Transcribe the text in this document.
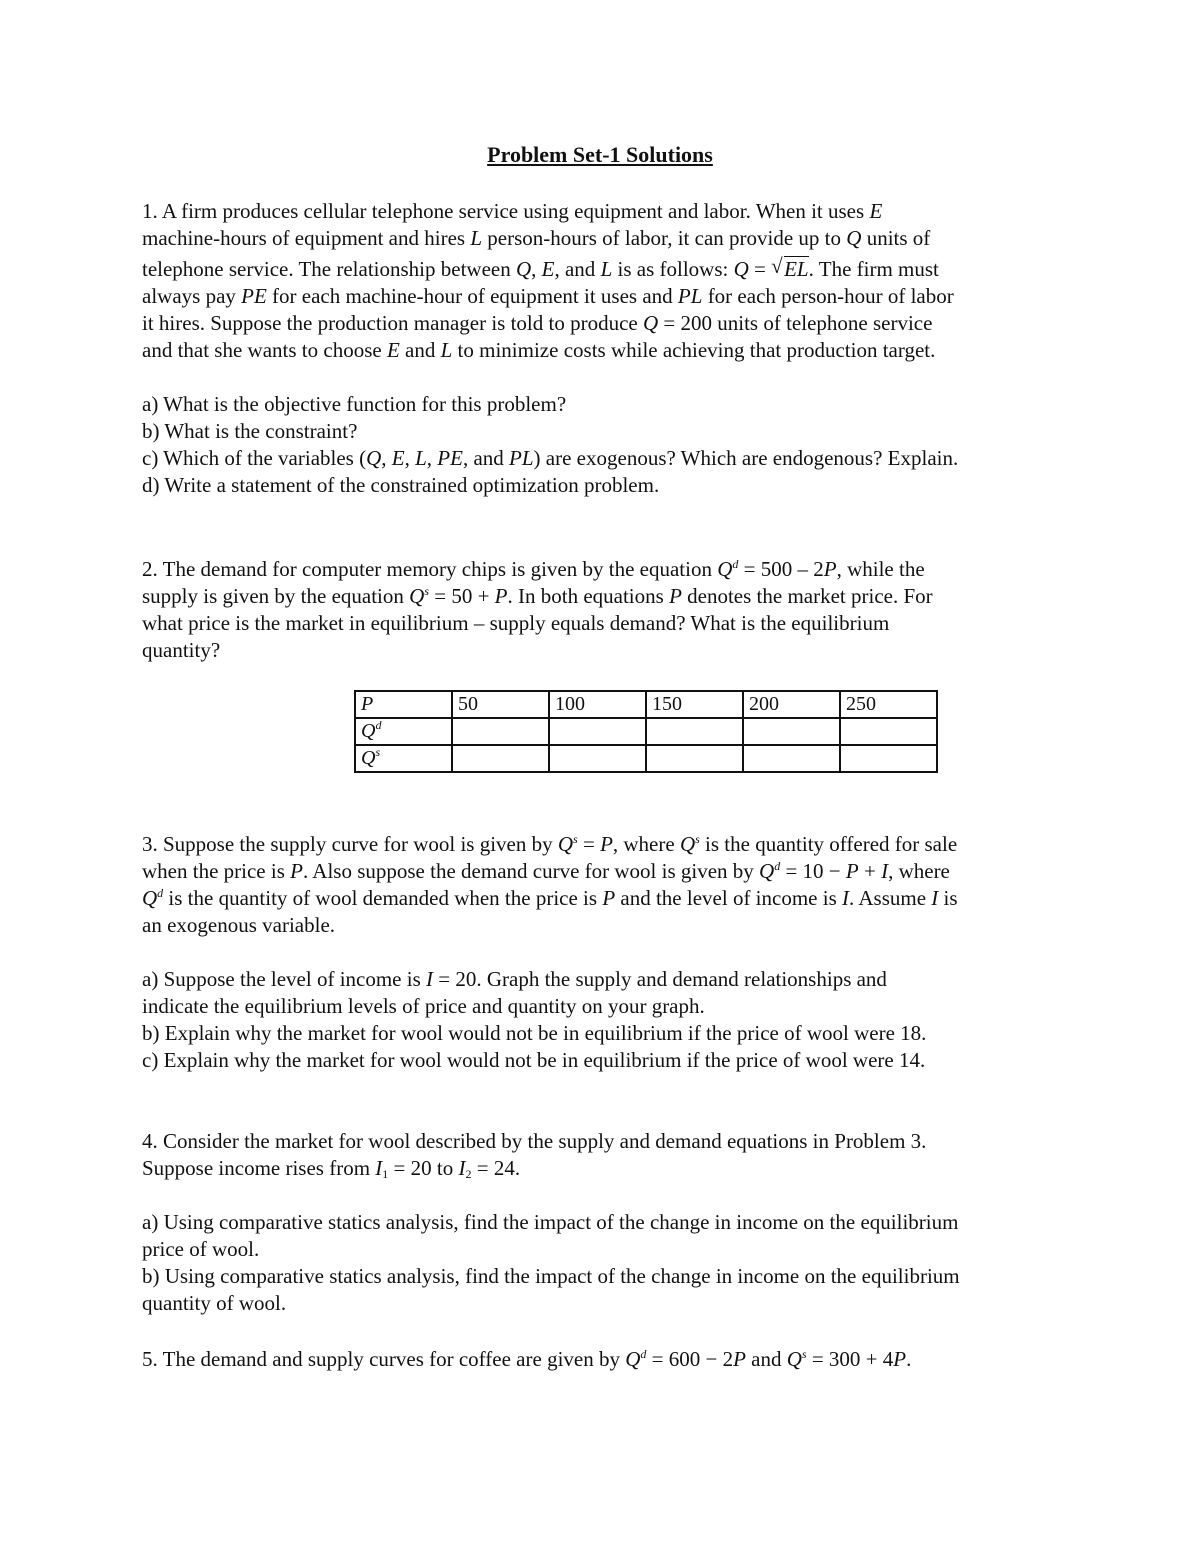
Problem Set-1 Solutions
1. A firm produces cellular telephone service using equipment and labor. When it uses E
machine-hours of equipment and hires L person-hours of labor, it can provide up to Q units of
telephone service. The relationship between Q, E, and L is as follows: Q = √ EL. The firm must
always pay PE for each machine-hour of equipment it uses and PL for each person-hour of labor
it hires. Suppose the production manager is told to produce Q = 200 units of telephone service
and that she wants to choose E and L to minimize costs while achieving that production target.
a) What is the objective function for this problem?
b) What is the constraint?
c) Which of the variables (Q, E, L, PE, and PL) are exogenous? Which are endogenous? Explain.
d) Write a statement of the constrained optimization problem.
2. The demand for computer memory chips is given by the equation $Q^d = 500 - 2P$, while the
supply is given by the equation $Q^s = 50 + P$. In both equations P denotes the market price. For
what price is the market in equilibrium – supply equals demand? What is the equilibrium
quantity?
P	50	100	150	200	250
$Q^d$					
$Q^s$					
3. Suppose the supply curve for wool is given by $Q^s = P$, where $Q^s$ is the quantity offered for sale
when the price is P. Also suppose the demand curve for wool is given by $Q^d = 10 - P + I$, where
$Q^d$ is the quantity of wool demanded when the price is P and the level of income is I. Assume I is
an exogenous variable.
a) Suppose the level of income is I = 20. Graph the supply and demand relationships and
indicate the equilibrium levels of price and quantity on your graph.
b) Explain why the market for wool would not be in equilibrium if the price of wool were 18.
c) Explain why the market for wool would not be in equilibrium if the price of wool were 14.
4. Consider the market for wool described by the supply and demand equations in Problem 3.
Suppose income rises from $I_1 = 20$ to $I_2 = 24$.
a) Using comparative statics analysis, find the impact of the change in income on the equilibrium
price of wool.
b) Using comparative statics analysis, find the impact of the change in income on the equilibrium
quantity of wool.
5. The demand and supply curves for coffee are given by $Q^d = 600 - 2P$ and $Q^s = 300 + 4P$.
